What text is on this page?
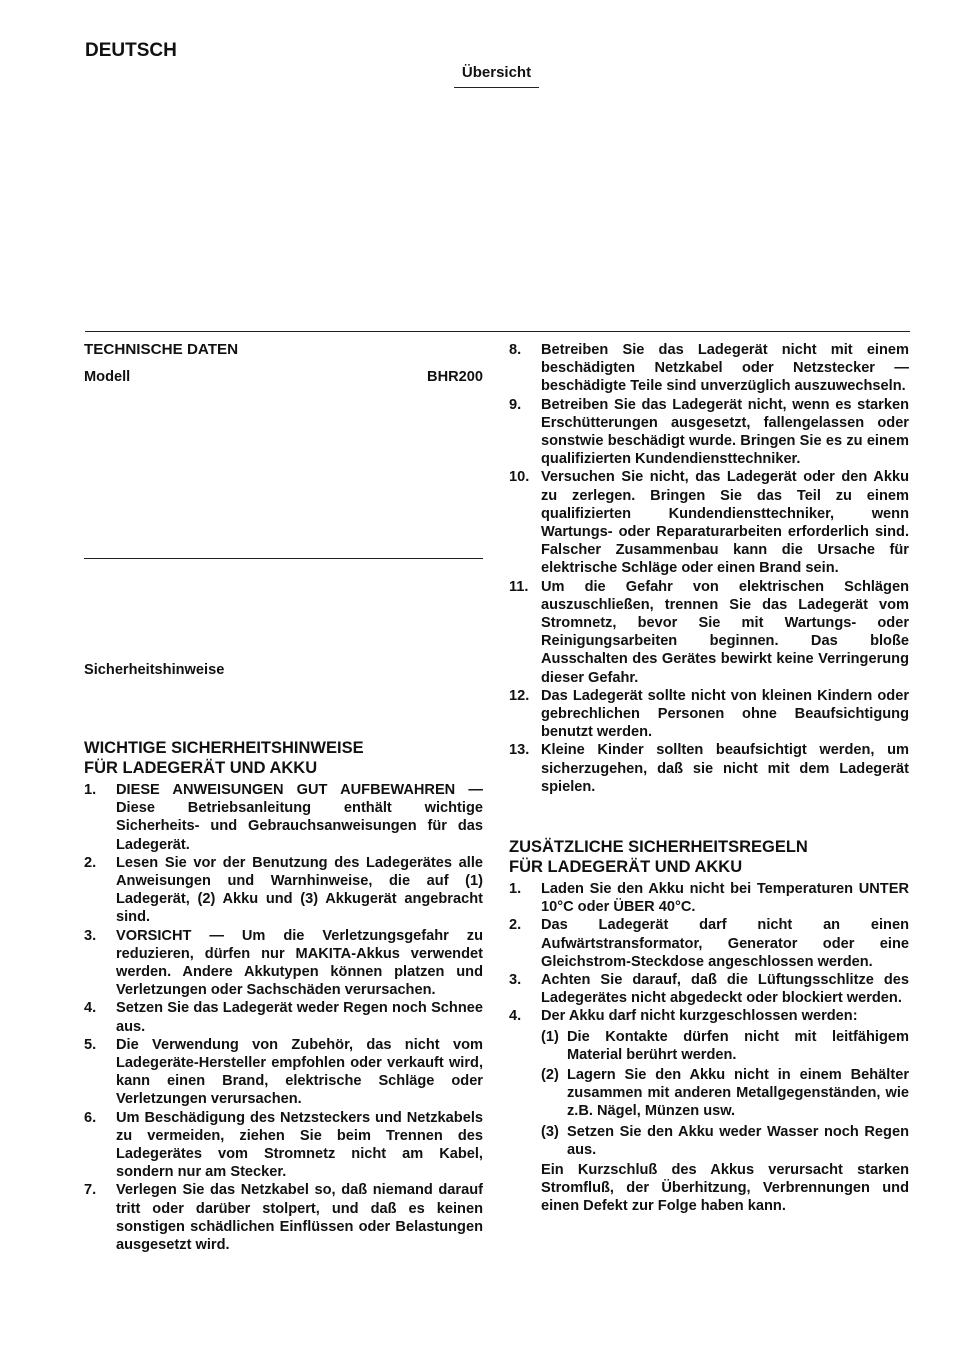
DEUTSCH
Übersicht

TECHNISCHE DATEN

Modell	BHR200

Sicherheitshinweise

WICHTIGE SICHERHEITSHINWEISE

FÜR LADEGERÄT UND AKKU

1.	DIESE ANWEISUNGEN GUT AUFBEWAHREN — Diese Betriebsanleitung enthält wichtige Sicherheits- und Gebrauchsanweisungen für das Ladegerät.
2.	Lesen Sie vor der Benutzung des Ladegerätes alle Anweisungen und Warnhinweise, die auf (1) Ladegerät, (2) Akku und (3) Akkugerät angebracht sind.
3.	VORSICHT — Um die Verletzungsgefahr zu reduzieren, dürfen nur MAKITA-Akkus verwendet werden. Andere Akkutypen können platzen und Verletzungen oder Sachschäden verursachen.
4.	Setzen Sie das Ladegerät weder Regen noch Schnee aus.
5.	Die Verwendung von Zubehör, das nicht vom Ladegeräte-Hersteller empfohlen oder verkauft wird, kann einen Brand, elektrische Schläge oder Verletzungen verursachen.
6.	Um Beschädigung des Netzsteckers und Netzkabels zu vermeiden, ziehen Sie beim Trennen des Ladegerätes vom Stromnetz nicht am Kabel, sondern nur am Stecker.
7.	Verlegen Sie das Netzkabel so, daß niemand darauf tritt oder darüber stolpert, und daß es keinen sonstigen schädlichen Einflüssen oder Belastungen ausgesetzt wird.
8.	Betreiben Sie das Ladegerät nicht mit einem beschädigten Netzkabel oder Netzstecker — beschädigte Teile sind unverzüglich auszuwechseln.
9.	Betreiben Sie das Ladegerät nicht, wenn es starken Erschütterungen ausgesetzt, fallengelassen oder sonstwie beschädigt wurde. Bringen Sie es zu einem qualifizierten Kundendiensttechniker.
10. Versuchen Sie nicht, das Ladegerät oder den Akku zu zerlegen. Bringen Sie das Teil zu einem qualifizierten Kundendiensttechniker, wenn Wartungs- oder Reparaturarbeiten erforderlich sind. Falscher Zusammenbau kann die Ursache für elektrische Schläge oder einen Brand sein.
11. Um die Gefahr von elektrischen Schlägen auszuschließen, trennen Sie das Ladegerät vom Stromnetz, bevor Sie mit Wartungs- oder Reinigungsarbeiten beginnen. Das bloße Ausschalten des Gerätes bewirkt keine Verringerung dieser Gefahr.
12. Das Ladegerät sollte nicht von kleinen Kindern oder gebrechlichen Personen ohne Beaufsichtigung benutzt werden.
13. Kleine Kinder sollten beaufsichtigt werden, um sicherzugehen, daß sie nicht mit dem Ladegerät spielen.

ZUSÄTZLICHE SICHERHEITSREGELN

FÜR LADEGERÄT UND AKKU

1.	Laden Sie den Akku nicht bei Temperaturen UNTER 10°C oder ÜBER 40°C.
2.	Das Ladegerät darf nicht an einen Aufwärtstransformator, Generator oder eine Gleichstrom-Steckdose angeschlossen werden.
3.	Achten Sie darauf, daß die Lüftungsschlitze des Ladegerätes nicht abgedeckt oder blockiert werden.
4.	Der Akku darf nicht kurzgeschlossen werden:
(1) Die Kontakte dürfen nicht mit leitfähigem Material berührt werden.
(2) Lagern Sie den Akku nicht in einem Behälter zusammen mit anderen Metallgegenständen, wie z.B. Nägel, Münzen usw.
(3) Setzen Sie den Akku weder Wasser noch Regen aus.
Ein Kurzschluß des Akkus verursacht starken Stromfluß, der Überhitzung, Verbrennungen und einen Defekt zur Folge haben kann.
